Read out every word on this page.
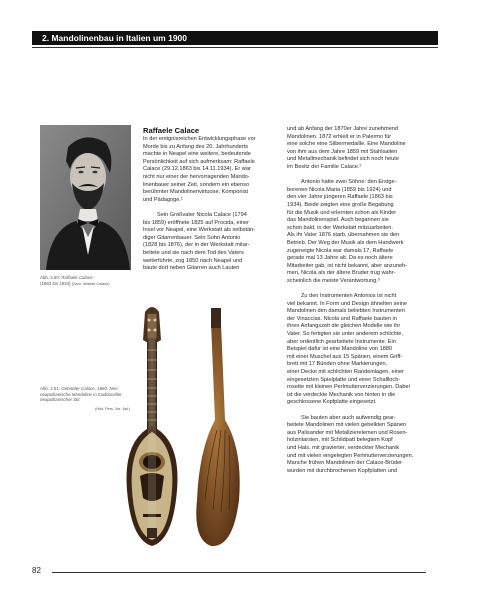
2. Mandolinenbau in Italien um 1900
Abb. 2.50: Raffaele Calace
(1863 bis 1934) (Sam. Aristide Calace)
Abb. 2.51: Gebrüder Calace, 1860. Neo-neapolitanische Mandoline in traditioneller neapolitanischer Stil.
(Hist. Pers. Ver. Ital.)
Raffaele Calace
In der ereignisreichen Entwicklungsphase vor
Morde bis zu Anfang des 20. Jahrhunderts
machte in Neapel eine weitere, bedeutende
Persönlichkeit auf sich aufmerksam: Raffaele
Calace (29.12.1863 bis 14.11.1934). Er war
nicht nur einer der hervorragenden Mando-
linenbauer seiner Zeit, sondern ein ebenso
berühmter Mandolinenvirtuose, Komponist
und Pädagoge.¹
Sein Großvater Nicola Calace (1794
bis 1859) eröffnete 1825 auf Procida, einer
Insel vor Neapel, eine Werkstatt als selbstän-
diger Gitarrenbauer. Sein Sohn Antonio
(1828 bis 1876), der in der Werkstatt mitar-
beitete und sie nach dem Tod des Vaters
weiterführte, zog 1850 nach Neapel und
baute dort neben Gitarren auch Lauten
und ab Anfang der 1870er Jahre zunehmend
Mandolinen. 1872 erhielt er in Palermo für
eine solche eine Silbermedaille. Eine Mandoline
von ihm aus dem Jahre 1859 mit Stahlsaiten
und Metallmechanik befindet sich noch heute
im Besitz der Familie Calace.²
Antonio hatte zwei Söhne: den Erstge-
borenen Nicola Maria (1859 bis 1924) und
den vier Jahre jüngeren Raffaele (1863 bis
1934). Beide zeigten eine große Begabung
für die Musik und erlernten schon als Kinder
das Mandolinenspiel. Auch begannen sie
schon bald, in der Werkstatt mitzuarbeiten.
Als ihr Vater 1876 starb, übernahmen sie den
Betrieb. Der Weg der Musik als dem Handwerk
zugeneigte Nicola war damals 17, Raffaele
gerade mal 13 Jahre alt. Da es noch ältere
Mitarbeiter gab, ist nicht bekannt, aber anzuneh-
men, Nicola als der ältere Bruder trug wahr-
scheinlich die meiste Verantwortung.³
Zu den Instrumenten Antonios ist nicht
viel bekannt. In Form und Design ähnelten seine
Mandolinen den damals beliebten Instrumenten
der Vinaccias. Nicola und Raffaele bauten in
ihren Anfangszeit die gleichen Modelle wie ihr
Vater. So fertigten sie unter anderem schlichte,
aber ordentlich gearbeitete Instrumente. Ein
Beispiel dafür ist eine Mandoline von 1880
mit einer Muschel aus 15 Spänen, einem Griff-
brett mit 17 Bünden ohne Markierungen,
einer Decke mit schlichten Randeinlagen, einer
eingesetzten Spielplatte und einer Schallloch-
rosette mit kleinen Perlmutterverzierungen. Dabei
ist die verdeckte Mechanik von hinten in die
geschlossene Kopfplatte eingesetzt.
Sie bauten aber auch aufwendig gear-
beitete Mandolinen mit vielen gebelkten Spänen
aus Palisander mit Metallzierelemen und Rosen-
holzintarsien, mit Schildpatt belegtem Kopf
und Hals, mit gravierter, verdeckter Mechanik
und mit vielen eingelegten Perlmutterverzierungen.
Manche frühen Mandolinen der Calace-Brüder
wurden mit durchbrochenen Kopfplatten und
82
